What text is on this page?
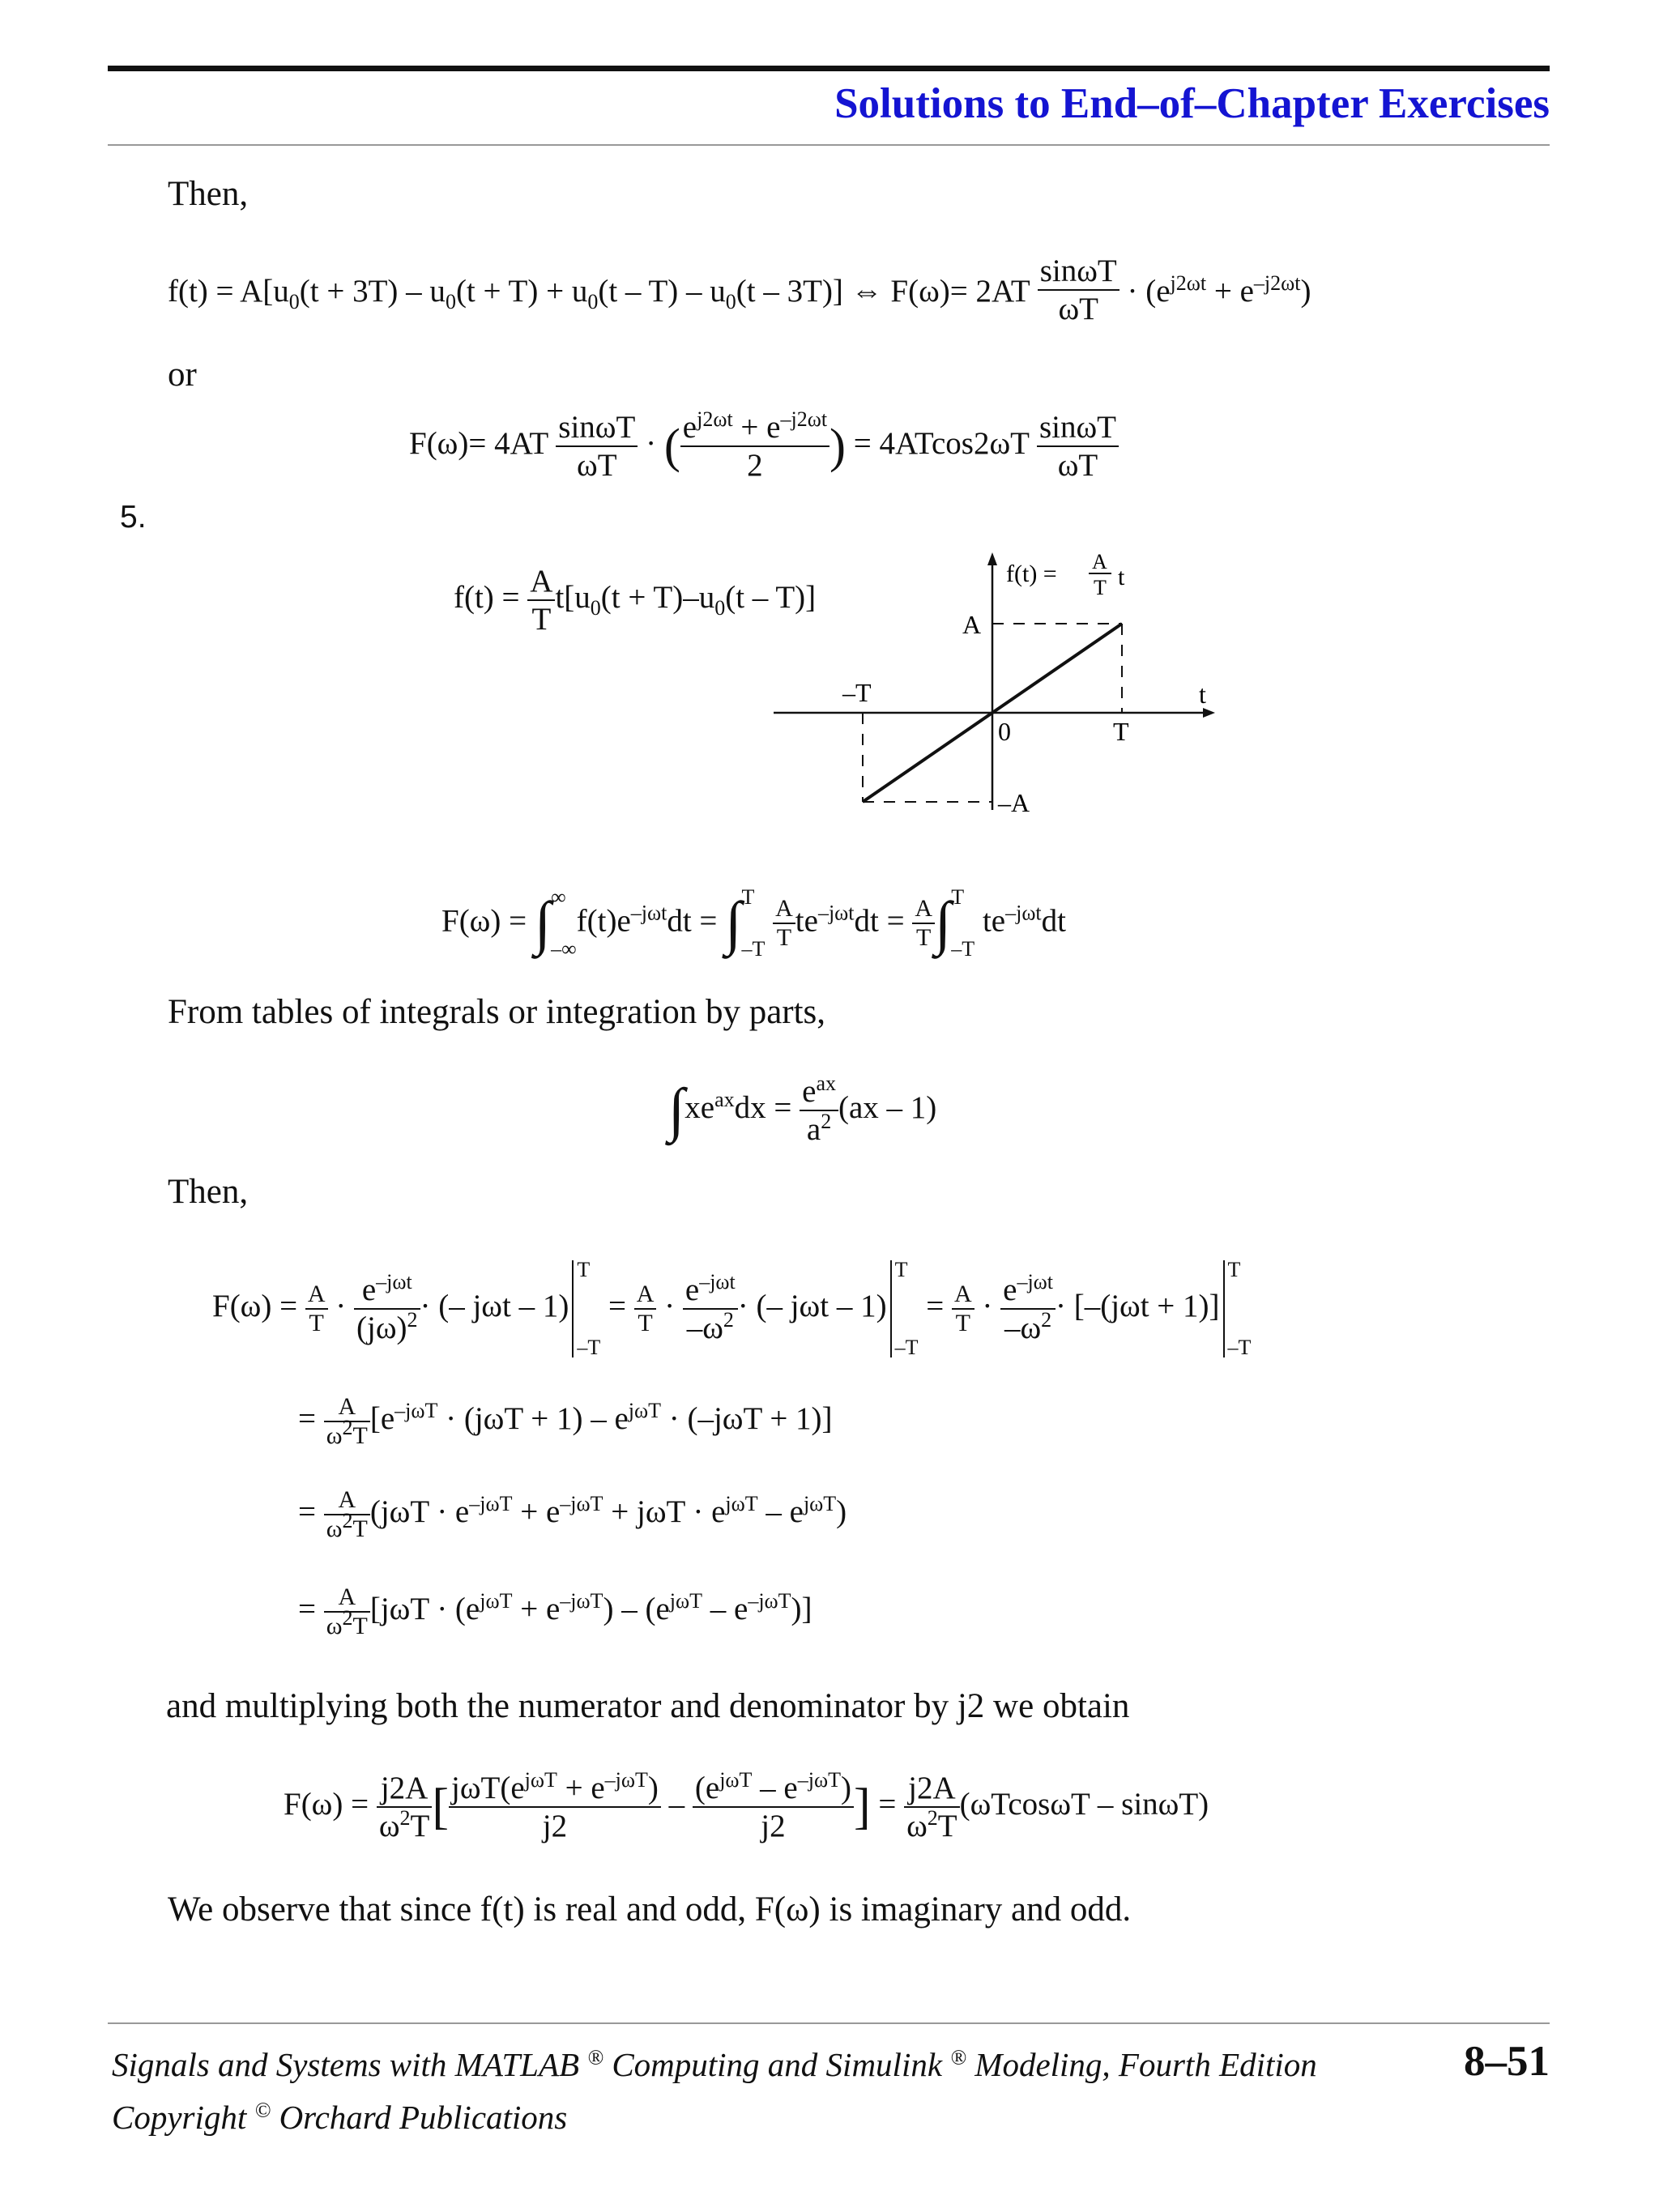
Solutions to End–of–Chapter Exercises
Then,
$f(t) = A[u_0(t + 3T) - u_0(t + T) + u_0(t - T) - u_0(t - 3T)]$ ⇔ $F(\omega)= 2AT \frac{\sin\omega T}{\omega T} \cdot (e^{j2\omega t} + e^{-j2\omega t})$
or
$F(\omega)= 4AT \frac{\sin\omega T}{\omega T}$ · ( $\frac{e^{j2\omega t} + e^{-j2\omega t}}{2}$ ) = $4ATcos2\omega T \frac{\sin\omega T}{\omega T}$
5.
$f(t) = \frac{A}{T} t[u_0(t + T)-u_0(t - T)]$
A
–T
0	T
t
–A
f(t) = A
T t
F(ω) = ∫ ∞
–∞
$f(t)e^{-j\omega t}dt$ = ∫ T
–T
$\frac{A}{T} te^{-j\omega t}dt = \frac{A}{T}$ ∫ T
–T
$te^{-j\omega t}dt$
From tables of integrals or integration by parts,
$\int xe^{ax}dx = \frac{e^{ax}}{a^2} (ax - 1)$
Then,
$F(\omega) = \frac{A}{T} \cdot \frac{e^{-j\omega t}}{(j\omega)^2}$ · (– jωt – 1)
T
–T
= $\frac{A}{T} \cdot \frac{e^{-j\omega t}}{-\omega^2}$ · (– jωt – 1)
T
–T
= $\frac{A}{T} \cdot \frac{e^{-j\omega t}}{-\omega^2} \cdot [-(j\omega t + 1)]$
T
–T
= $\frac{A}{\omega 2T} [e^{-j\omega T} \cdot (j\omega T + 1) - e^{j\omega T} \cdot (-j\omega T + 1)]$
= $\frac{A}{\omega 2T} (j\omega T \cdot e^{-j\omega T} + e^{-j\omega T} + j\omega T \cdot e^{j\omega T} - e^{j\omega T})$
= $\frac{A}{\omega 2T} [j\omega T \cdot (e^{j\omega T} + e^{-j\omega T}) - (e^{j\omega T} - e^{-j\omega T})]$
and multiplying both the numerator and denominator by j2 we obtain
$F(\omega) = \frac{j2A}{\omega^2T}$ [ $\frac{j\omega T(e^{j\omega T} + e^{-j\omega T})}{j2} - \frac{(e^{j\omega T} - e^{-j\omega T})}{j2}$ ] = $\frac{j2A}{\omega^2T} (\omega Tcos\omega T - \sin\omega T)$
We observe that since f(t) is real and odd, F(ω) is imaginary and odd.
Signals and Systems with MATLAB ® Computing and Simulink ® Modeling, Fourth Edition	8–51
Copyright © Orchard Publications
